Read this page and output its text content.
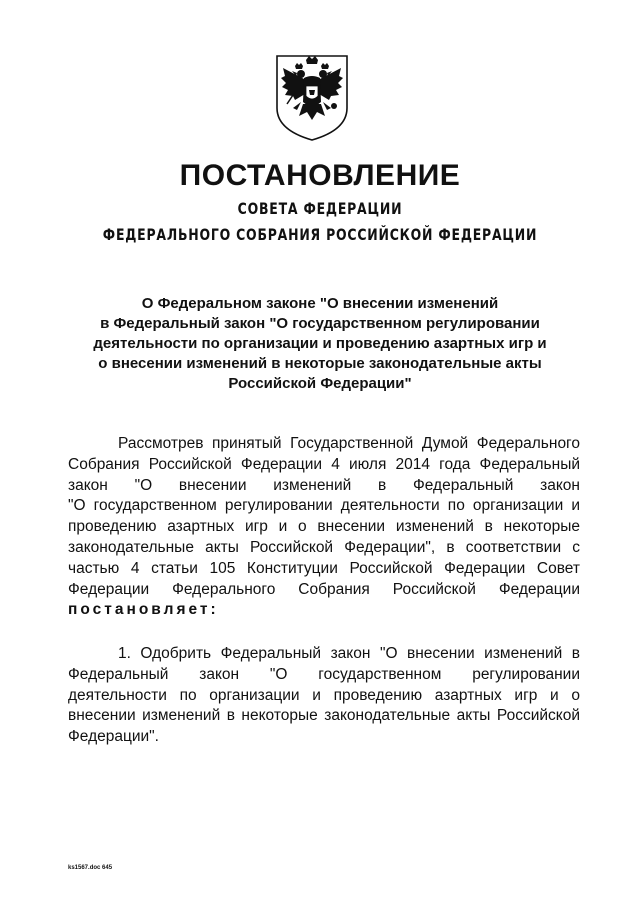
ПОСТАНОВЛЕНИЕ
СОВЕТА ФЕДЕРАЦИИ
ФЕДЕРАЛЬНОГО СОБРАНИЯ РОССИЙСКОЙ ФЕДЕРАЦИИ
О Федеральном законе "О внесении изменений
в Федеральный закон "О государственном регулировании
деятельности по организации и проведению азартных игр и
о внесении изменений в некоторые законодательные акты
Российской Федерации"
Рассмотрев принятый Государственной Думой Федерального
Собрания Российской Федерации 4 июля 2014 года Федеральный
закон "О внесении изменений в Федеральный закон
"О государственном регулировании деятельности по организации и
проведению азартных игр и о внесении изменений в некоторые
законодательные акты Российской Федерации", в соответствии с
частью 4 статьи 105 Конституции Российской Федерации Совет
Федерации Федерального Собрания Российской Федерации
постановляет:
1. Одобрить Федеральный закон "О внесении изменений в
Федеральный закон "О государственном регулировании
деятельности по организации и проведению азартных игр и о
внесении изменений в некоторые законодательные акты Российской
Федерации".
ks1567.doc 645
